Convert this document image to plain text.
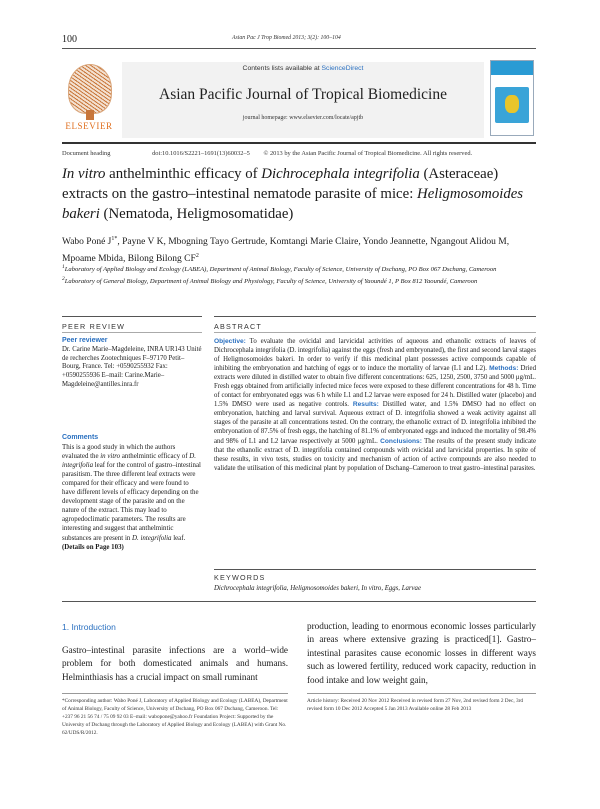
100	Asian Pac J Trop Biomed 2013; 3(2): 100–104
ELSEVIER
Contents lists available at ScienceDirect
Asian Pacific Journal of Tropical Biomedicine
journal homepage: www.elsevier.com/locate/apjtb
Document heading	doi:10.1016/S2221–1691(13)60032–5 © 2013 by the Asian Pacific Journal of Tropical Biomedicine. All rights reserved.
In vitro anthelminthic efficacy of Dichrocephala integrifolia (Asteraceae) extracts on the gastro–intestinal nematode parasite of mice: Heligmosomoides bakeri (Nematoda, Heligmosomatidae)
Wabo Poné $J^{1*}$, Payne V K, Mbogning Tayo Gertrude, Komtangi Marie Claire, Yondo Jeannette, Ngangout Alidou M, Mpoame Mbida, Bilong Bilong $CF^2$
$^1$Laboratory of Applied Biology and Ecology (LABEA), Department of Animal Biology, Faculty of Science, University of Dschang, PO Box 067 Dschang, Cameroon
$^2$Laboratory of General Biology, Department of Animal Biology and Physiology, Faculty of Science, University of Yaoundé 1, P Box 812 Yaoundé, Cameroon
PEER REVIEW	ABSTRACT
Peer reviewer
Dr. Carine Marie–Magdeleine, INRA UR143 Unité de recherches Zootechniques F–97170 Petit–Bourg, France. Tel: +0590255932 Fax: +0590255936 E–mail: Carine.Marie–Magdeleine@antilles.inra.fr
Comments
This is a good study in which the authors evaluated the in vitro anthelmintic efficacy of D. integrifolia leaf for the control of gastro–intestinal parasitism. The three different leaf extracts were compared for their efficacy and were found to have different levels of efficacy depending on the development stage of the parasite and on the nature of the extract. This may lead to agropedoclimatic parameters. The results are interesting and suggest that anthelmintic substances are present in D. integrifolia leaf.
(Details on Page 103)
Objective: To evaluate the ovicidal and larvicidal activities of aqueous and ethanolic extracts of leaves of Dichrocephala integrifolia (D. integrifolia) against the eggs (fresh and embryonated), the first and second larval stages of Heligmosomoides bakeri. In order to verify if this medicinal plant possesses active compounds capable of inhibiting the embryonation and hatching of eggs or to induce the mortality of larvae (L1 and L2). Methods: Dried extracts were diluted in distilled water to obtain five different concentrations: 625, 1250, 2500, 3750 and 5000 μg/mL. Fresh eggs obtained from artificially infected mice feces were exposed to these different concentrations for 48 h. Time of contact for embryonated eggs was 6 h while L1 and L2 larvae were exposed for 24 h. Distilled water (placebo) and 1.5% DMSO were used as negative controls. Results: Distilled water, and 1.5% DMSO had no effect on embryonation, hatching and larval survival. Aqueous extract of D. integrifolia showed a weak activity against all stages of the parasite at all concentrations tested. On the contrary, the ethanolic extract of D. integrifolia inhibited the embryonation of 87.5% of fresh eggs, the hatching of 81.1% of embryonated eggs and induced the mortality of 98.4% and 98% of L1 and L2 larvae respectively at 5000 μg/mL. Conclusions: The results of the present study indicate that the ethanolic extract of D. integrifolia contained compounds with ovicidal and larvicidal properties. In spite of these results, in vivo tests, studies on toxicity and mechanism of action of active compounds are also needed to validate the utilisation of this medicinal plant by population of Dschang–Cameroon to treat gastro–intestinal parasites.
KEYWORDS
Dichrocephala integrifolia, Heligmosomoides bakeri, In vitro, Eggs, Larvae
1. Introduction
Gastro–intestinal parasite infections are a world–wide problem for both domesticated animals and humans. Helminthiasis has a crucial impact on small ruminant
production, leading to enormous economic losses particularly in areas where extensive grazing is practiced[1]. Gastro–intestinal parasites cause economic losses in different ways such as lowered fertility, reduced work capacity, reduction in food intake and low weight gain,
*Corresponding author: Wabo Poné J, Laboratory of Applied Biology and Ecology (LABEA), Department of Animal Biology, Faculty of Science, University of Dschang, PO Box 067 Dschang, Cameroon. Tel: +237 96 21 56 74 / 75 09 92 03 E–mail: wabopone@yahoo.fr Foundation Project: Supported by the University of Dschang through the Laboratory of Applied Biology and Ecology (LABEA) with Grant No. 62/UDS/R/2012.
Article history: Received 20 Nov 2012 Received in revised form 27 Nov, 2nd revised form 2 Dec, 3rd revised form 10 Dec 2012 Accepted 5 Jan 2013 Available online 28 Feb 2013
